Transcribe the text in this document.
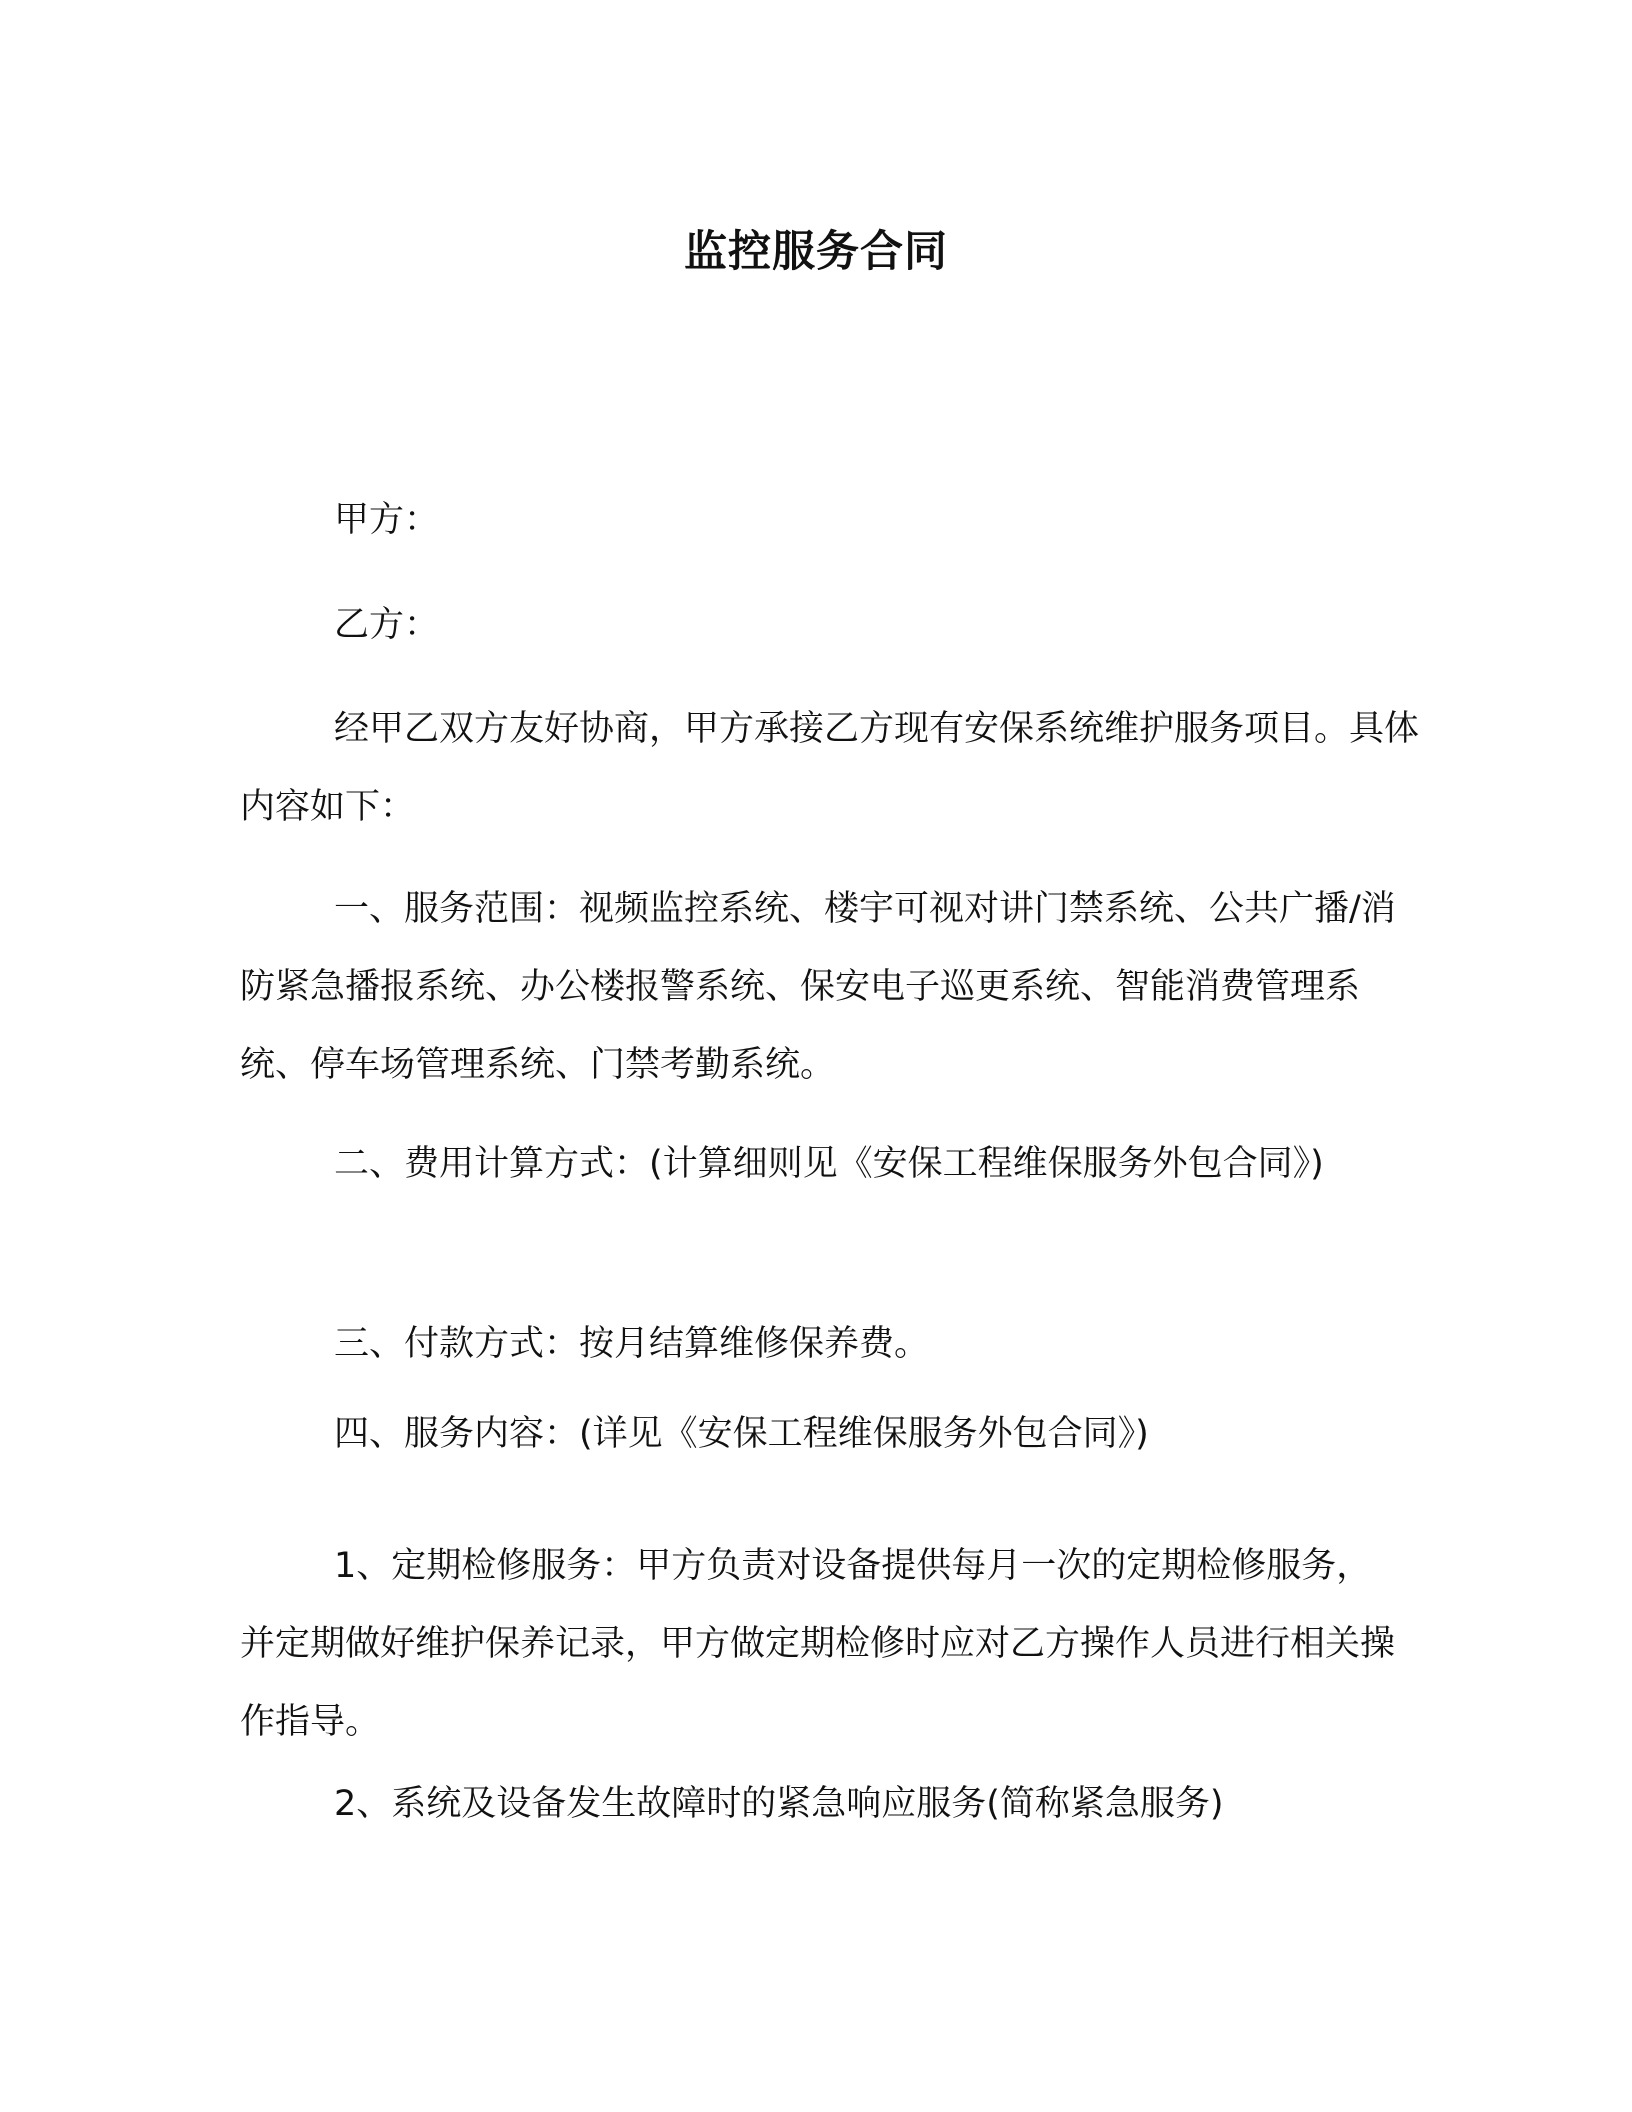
监控服务合同
甲方：
乙方：
经甲乙双方友好协商，甲方承接乙方现有安保系统维护服务项目。具体内容如下：
一、服务范围：视频监控系统、楼宇可视对讲门禁系统、公共广播/消防紧急播报系统、办公楼报警系统、保安电子巡更系统、智能消费管理系统、停车场管理系统、门禁考勤系统。
二、费用计算方式：(计算细则见《安保工程维保服务外包合同》)
三、付款方式：按月结算维修保养费。
四、服务内容：(详见《安保工程维保服务外包合同》)
1、定期检修服务：甲方负责对设备提供每月一次的定期检修服务，并定期做好维护保养记录，甲方做定期检修时应对乙方操作人员进行相关操作指导。
2、系统及设备发生故障时的紧急响应服务(简称紧急服务)
